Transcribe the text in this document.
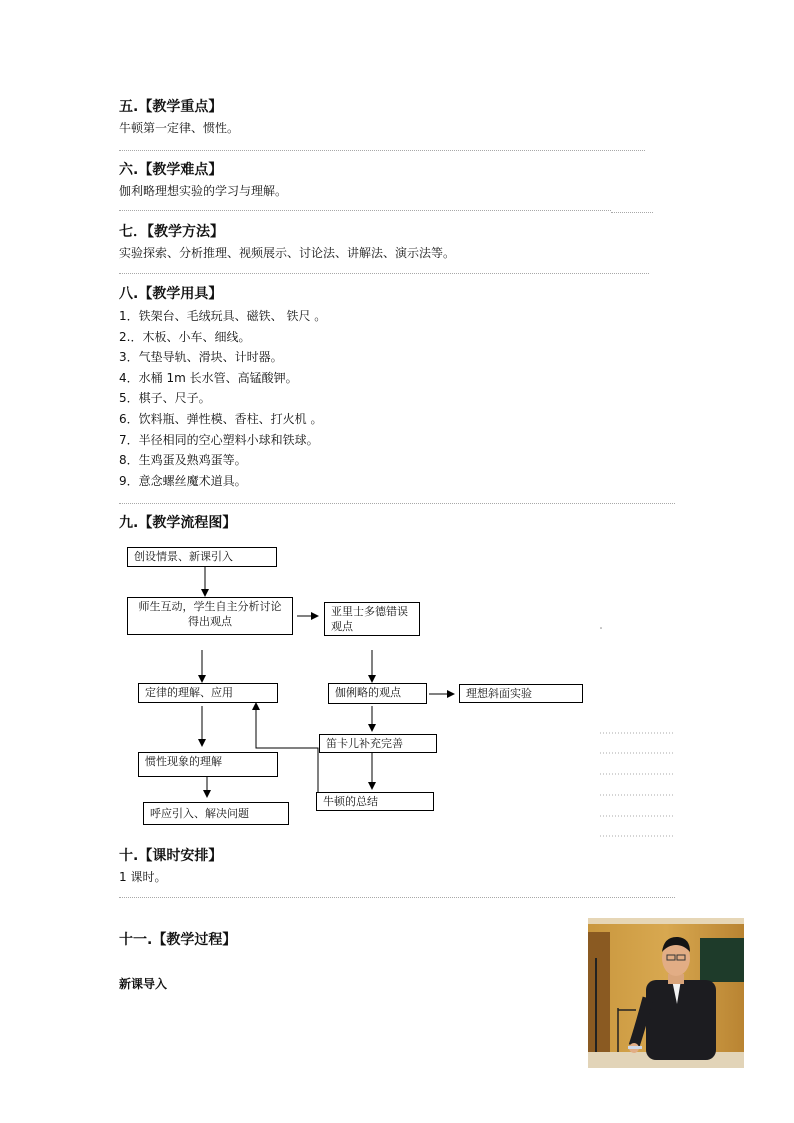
五.【教学重点】
牛顿第一定律、惯性。
六.【教学难点】
伽利略理想实验的学习与理解。
七．【教学方法】
实验探索、分析推理、视频展示、讨论法、讲解法、演示法等。
八.【教学用具】
1．铁架台、毛绒玩具、磁铁、 铁尺 。
2.．木板、小车、细线。
3．气垫导轨、滑块、计时器。
4．水桶 1m 长水管、高锰酸钾。
5．棋子、尺子。
6．饮料瓶、弹性模、香柱、打火机 。
7．半径相同的空心塑料小球和铁球。
8．生鸡蛋及熟鸡蛋等。
9．意念螺丝魔术道具。
九.【教学流程图】
创设情景、新课引入
师生互动，学生自主分析讨论得出观点
亚里士多德错误观点
定律的理解、应用	伽俐略的观点	理想斜面实验
笛卡儿补充完善
惯性现象的理解
牛顿的总结
呼应引入、解决问题
十.【课时安排】
1 课时。
十一.【教学过程】
新课导入
